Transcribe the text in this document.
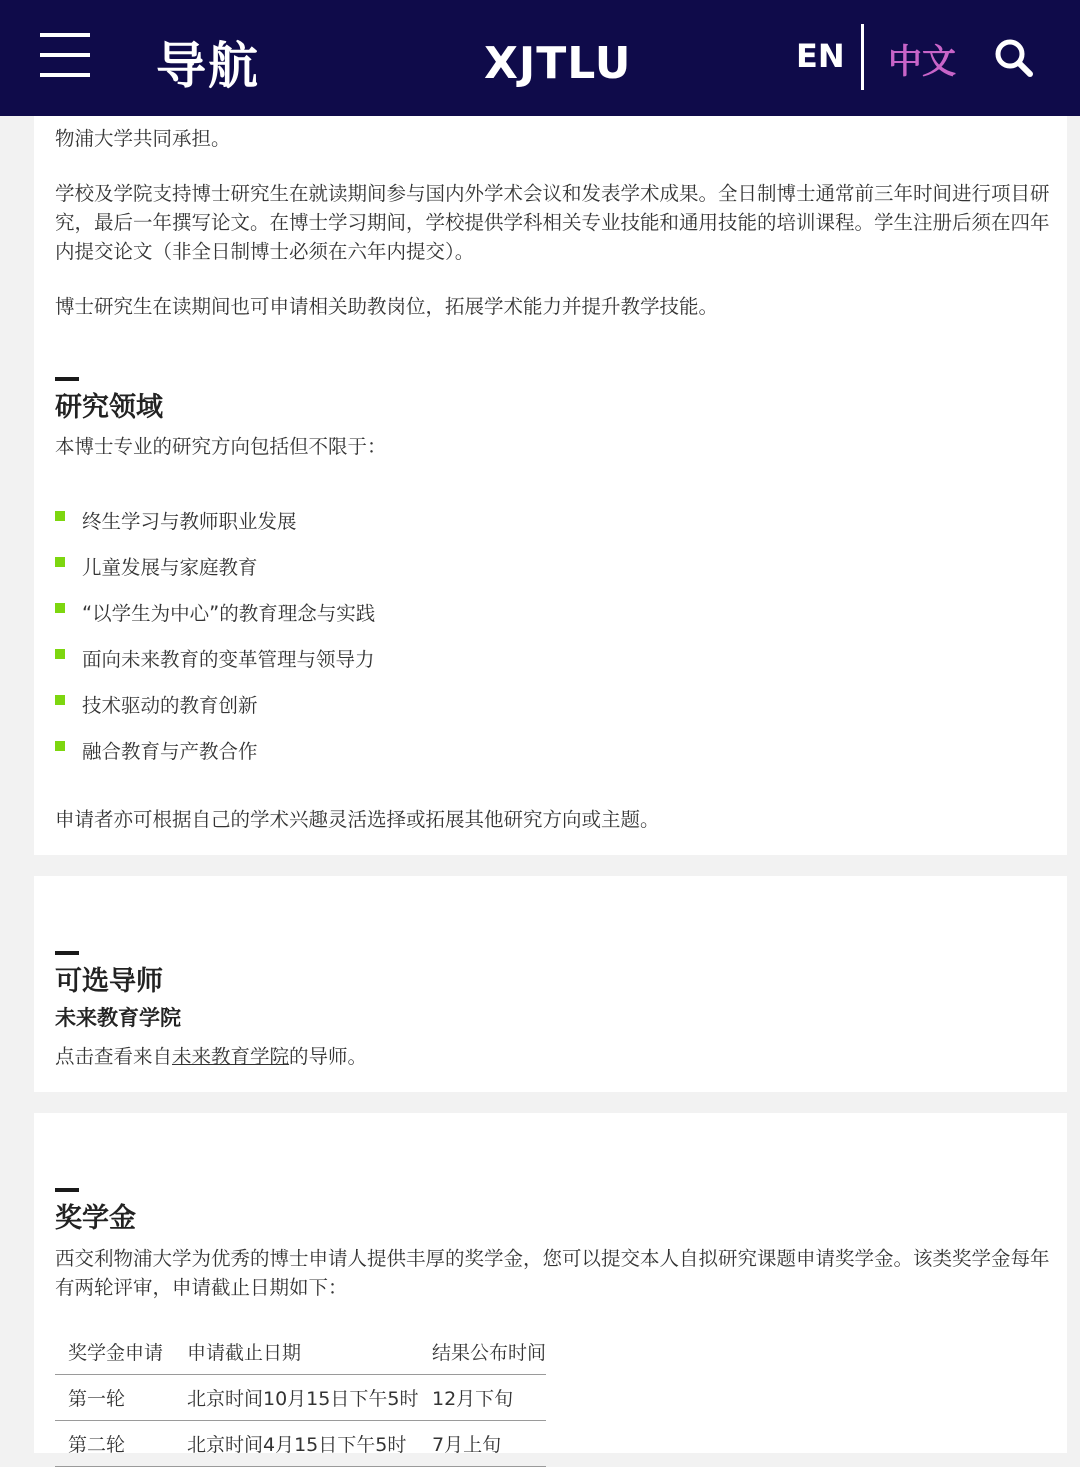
导航	XJTLU	EN 中文

物浦大学共同承担。

学校及学院支持博士研究生在就读期间参与国内外学术会议和发表学术成果。全日制博士通常前三年时间进行项目研究，最后一年撰写论文。在博士学习期间，学校提供学科相关专业技能和通用技能的培训课程。学生注册后须在四年内提交论文（非全日制博士必须在六年内提交）。

博士研究生在读期间也可申请相关助教岗位，拓展学术能力并提升教学技能。

研究领域

本博士专业的研究方向包括但不限于：

终生学习与教师职业发展
儿童发展与家庭教育
“以学生为中心”的教育理念与实践
面向未来教育的变革管理与领导力
技术驱动的教育创新
融合教育与产教合作

申请者亦可根据自己的学术兴趣灵活选择或拓展其他研究方向或主题。

可选导师
未来教育学院

点击查看来自未来教育学院的导师。

奖学金

西交利物浦大学为优秀的博士申请人提供丰厚的奖学金，您可以提交本人自拟研究课题申请奖学金。该类奖学金每年有两轮评审，申请截止日期如下：

奖学金申请	申请截止日期	结果公布时间
第一轮	北京时间10月15日下午5时	12月下旬
第二轮	北京时间4月15日下午5时	7月上旬
